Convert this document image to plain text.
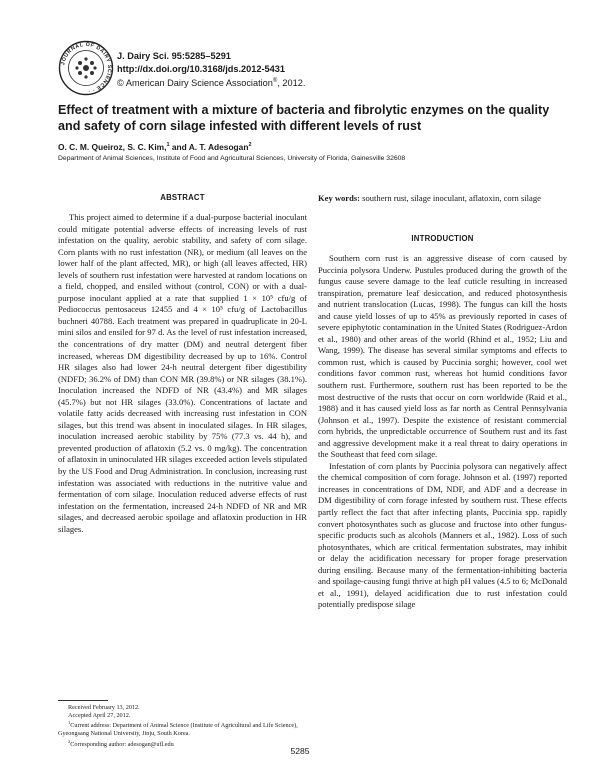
JOURNAL OF DAIRY SCIENCE · ·
J. Dairy Sci. 95:5285–5291
http://dx.doi.org/10.3168/jds.2012-5431
© American Dairy Science Association®, 2012.
Effect of treatment with a mixture of bacteria and fibrolytic enzymes on the quality and safety of corn silage infested with different levels of rust
O. C. M. Queiroz, S. C. Kim,$^1$ and A. T. Adesogan$^2$
Department of Animal Sciences, Institute of Food and Agricultural Sciences, University of Florida, Gainesville 32608
ABSTRACT

This project aimed to determine if a dual-purpose bacterial inoculant could mitigate potential adverse effects of increasing levels of rust infestation on the quality, aerobic stability, and safety of corn silage. Corn plants with no rust infestation (NR), or medium (all leaves on the lower half of the plant affected, MR), or high (all leaves affected, HR) levels of southern rust infestation were harvested at random locations on a field, chopped, and ensiled without (control, CON) or with a dual-purpose inoculant applied at a rate that supplied 1 × 10⁵ cfu/g of Pediococcus pentosaceus 12455 and 4 × 10⁵ cfu/g of Lactobacillus buchneri 40788. Each treatment was prepared in quadruplicate in 20-L mini silos and ensiled for 97 d. As the level of rust infestation increased, the concentrations of dry matter (DM) and neutral detergent fiber increased, whereas DM digestibility decreased by up to 16%. Control HR silages also had lower 24-h neutral detergent fiber digestibility (NDFD; 36.2% of DM) than CON MR (39.8%) or NR silages (38.1%). Inoculation increased the NDFD of NR (43.4%) and MR silages (45.7%) but not HR silages (33.0%). Concentrations of lactate and volatile fatty acids decreased with increasing rust infestation in CON silages, but this trend was absent in inoculated silages. In HR silages, inoculation increased aerobic stability by 75% (77.3 vs. 44 h), and prevented production of aflatoxin (5.2 vs. 0 mg/kg). The concentration of aflatoxin in uninoculated HR silages exceeded action levels stipulated by the US Food and Drug Administration. In conclusion, increasing rust infestation was associated with reductions in the nutritive value and fermentation of corn silage. Inoculation reduced adverse effects of rust infestation on the fermentation, increased 24-h NDFD of NR and MR silages, and decreased aerobic spoilage and aflatoxin production in HR silages.

Received February 13, 2012.
Accepted April 27, 2012.
$^1$Current address: Department of Animal Science (Institute of Agricultural and Life Science), Gyeongsang National University, Jinju, South Korea.
$^2$Corresponding author: adesogan@ufl.edu
Key words: southern rust, silage inoculant, aflatoxin, corn silage
INTRODUCTION

Southern corn rust is an aggressive disease of corn caused by Puccinia polysora Underw. Pustules produced during the growth of the fungus cause severe damage to the leaf cuticle resulting in increased transpiration, premature leaf desiccation, and reduced photosynthesis and nutrient translocation (Lucas, 1998). The fungus can kill the hosts and cause yield losses of up to 45% as previously reported in cases of severe epiphytotic contamination in the United States (Rodriguez-Ardon et al., 1980) and other areas of the world (Rhind et al., 1952; Liu and Wang, 1999). The disease has several similar symptoms and effects to common rust, which is caused by Puccinia sorghi; however, cool wet conditions favor common rust, whereas hot humid conditions favor southern rust. Furthermore, southern rust has been reported to be the most destructive of the rusts that occur on corn worldwide (Raid et al., 1988) and it has caused yield loss as far north as Central Pennsylvania (Johnson et al., 1997). Despite the existence of resistant commercial corn hybrids, the unpredictable occurrence of Southern rust and its fast and aggressive development make it a real threat to dairy operations in the Southeast that feed corn silage.

Infestation of corn plants by Puccinia polysora can negatively affect the chemical composition of corn forage. Johnson et al. (1997) reported increases in concentrations of DM, NDF, and ADF and a decrease in DM digestibility of corn forage infested by southern rust. These effects partly reflect the fact that after infecting plants, Puccinia spp. rapidly convert photosynthates such as glucose and fructose into other fungus-specific products such as alcohols (Manners et al., 1982). Loss of such photosynthates, which are critical fermentation substrates, may inhibit or delay the acidification necessary for proper forage preservation during ensiling. Because many of the fermentation-inhibiting bacteria and spoilage-causing fungi thrive at high pH values (4.5 to 6; McDonald et al., 1991), delayed acidification due to rust infestation could potentially predispose silage

5285
